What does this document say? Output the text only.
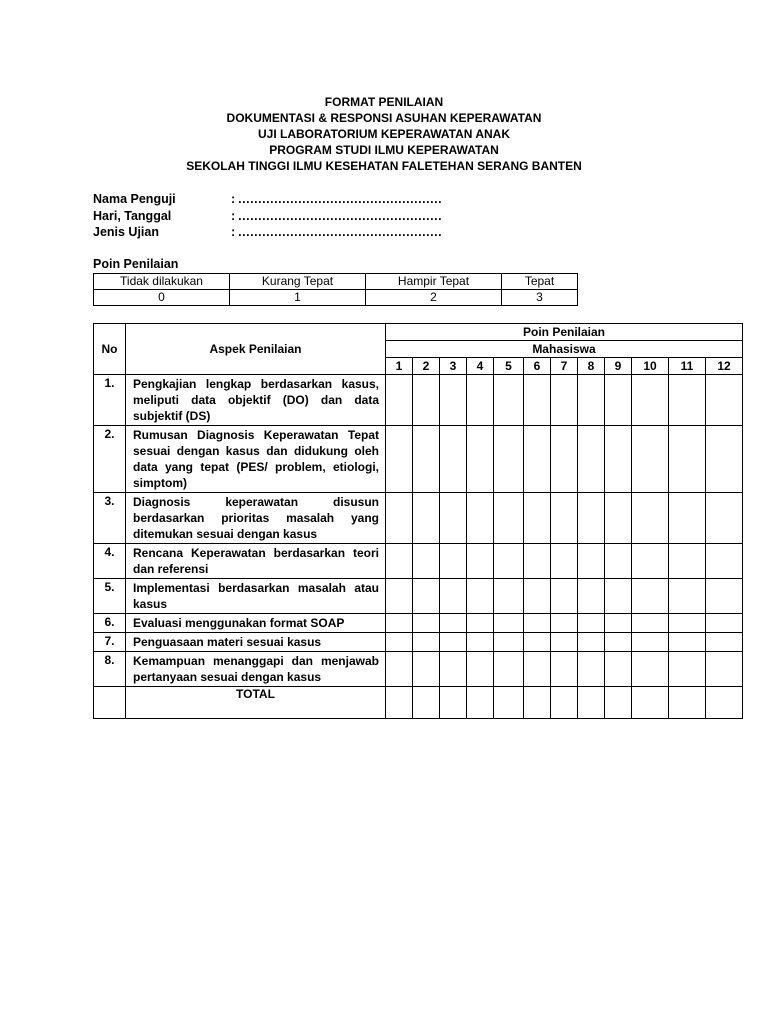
FORMAT PENILAIAN
DOKUMENTASI & RESPONSI ASUHAN KEPERAWATAN
UJI LABORATORIUM KEPERAWATAN ANAK
PROGRAM STUDI ILMU KEPERAWATAN
SEKOLAH TINGGI ILMU KESEHATAN FALETEHAN SERANG BANTEN
Nama Penguji	: ……………………………………………
Hari, Tanggal	: ……………………………………………
Jenis Ujian	: ……………………………………………
Poin Penilaian
Tidak dilakukan	Kurang Tepat	Hampir Tepat	Tepat
0	1	2	3
No	Aspek Penilaian	Poin Penilaian											
		Mahasiswa											
		1	2	3	4	5	6	7	8	9	10	11	12
1.	Pengkajian lengkap berdasarkan kasus, meliputi data objektif (DO) dan data subjektif (DS)												
2.	Rumusan Diagnosis Keperawatan Tepat sesuai dengan kasus dan didukung oleh data yang tepat (PES/ problem, etiologi, simptom)												
3.	Diagnosis keperawatan disusun berdasarkan prioritas masalah yang ditemukan sesuai dengan kasus												
4.	Rencana Keperawatan berdasarkan teori dan referensi												
5.	Implementasi berdasarkan masalah atau kasus												
6.	Evaluasi menggunakan format SOAP												
7.	Penguasaan materi sesuai kasus												
8.	Kemampuan menanggapi dan menjawab pertanyaan sesuai dengan kasus												
	TOTAL												
